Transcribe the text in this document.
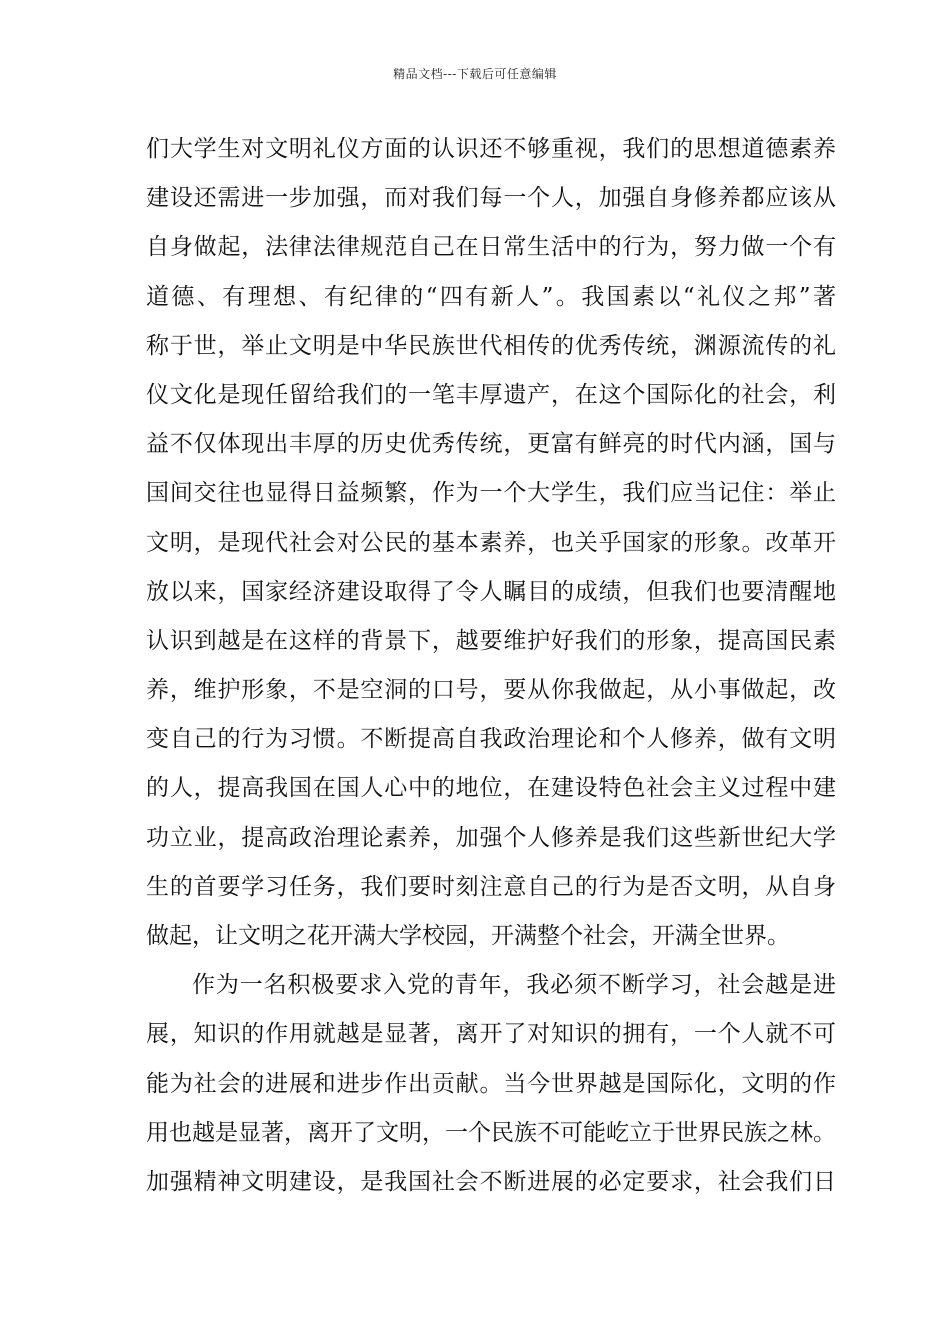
精品文档---下载后可任意编辑
们大学生对文明礼仪方面的认识还不够重视，我们的思想道德素养
建设还需进一步加强，而对我们每一个人，加强自身修养都应该从
自身做起，法律法律规范自己在日常生活中的行为，努力做一个有
道德、有理想、有纪律的“四有新人”。我国素以“礼仪之邦”著
称于世，举止文明是中华民族世代相传的优秀传统，渊源流传的礼
仪文化是现任留给我们的一笔丰厚遗产，在这个国际化的社会，利
益不仅体现出丰厚的历史优秀传统，更富有鲜亮的时代内涵，国与
国间交往也显得日益频繁，作为一个大学生，我们应当记住：举止
文明，是现代社会对公民的基本素养，也关乎国家的形象。改革开
放以来，国家经济建设取得了令人瞩目的成绩，但我们也要清醒地
认识到越是在这样的背景下，越要维护好我们的形象，提高国民素
养，维护形象，不是空洞的口号，要从你我做起，从小事做起，改
变自己的行为习惯。不断提高自我政治理论和个人修养，做有文明
的人，提高我国在国人心中的地位，在建设特色社会主义过程中建
功立业，提高政治理论素养，加强个人修养是我们这些新世纪大学
生的首要学习任务，我们要时刻注意自己的行为是否文明，从自身
做起，让文明之花开满大学校园，开满整个社会，开满全世界。
作为一名积极要求入党的青年，我必须不断学习，社会越是进
展，知识的作用就越是显著，离开了对知识的拥有，一个人就不可
能为社会的进展和进步作出贡献。当今世界越是国际化，文明的作
用也越是显著，离开了文明，一个民族不可能屹立于世界民族之林。
加强精神文明建设，是我国社会不断进展的必定要求，社会我们日
